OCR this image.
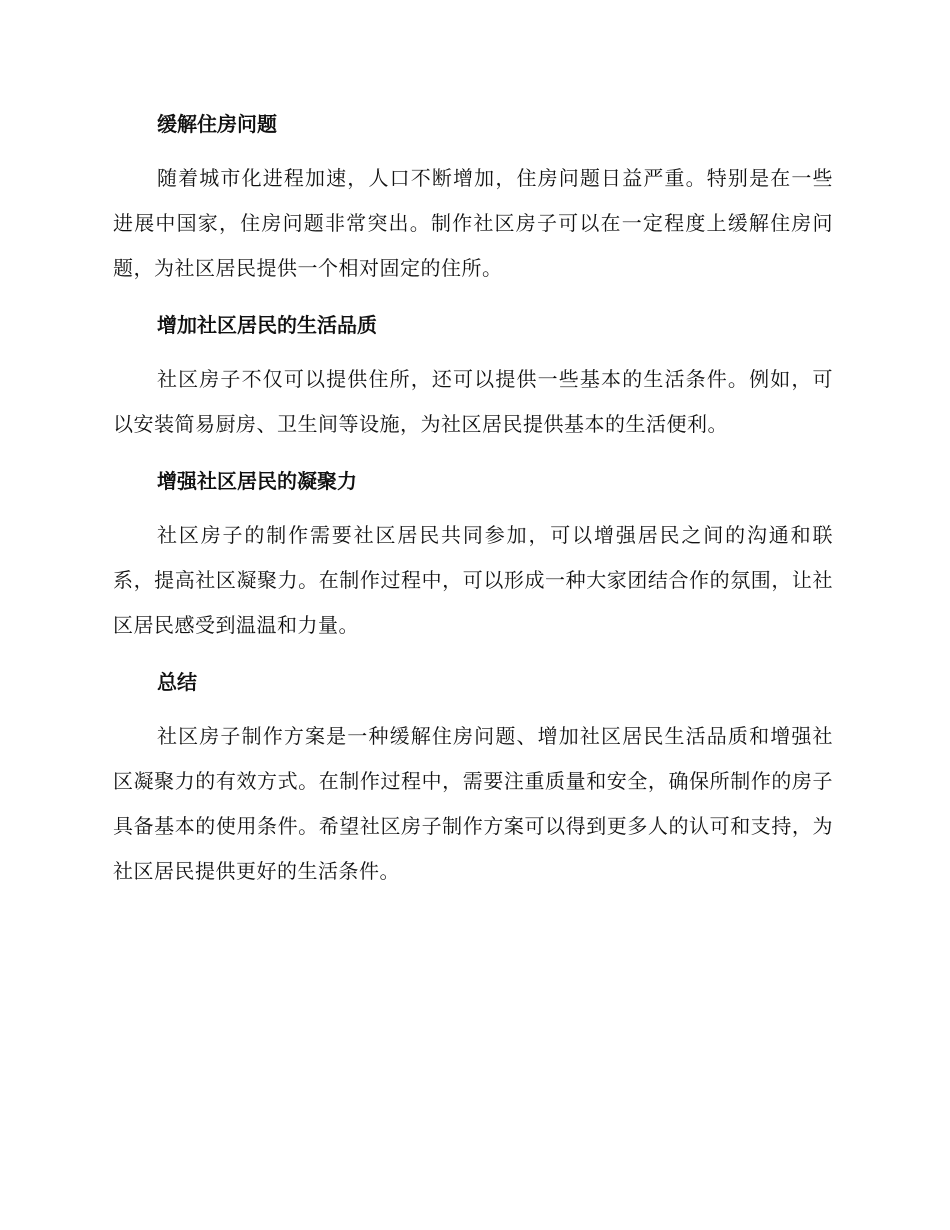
缓解住房问题
随着城市化进程加速，人口不断增加，住房问题日益严重。特别是在一些进展中国家，住房问题非常突出。制作社区房子可以在一定程度上缓解住房问题，为社区居民提供一个相对固定的住所。
增加社区居民的生活品质
社区房子不仅可以提供住所，还可以提供一些基本的生活条件。例如，可以安装简易厨房、卫生间等设施，为社区居民提供基本的生活便利。
增强社区居民的凝聚力
社区房子的制作需要社区居民共同参加，可以增强居民之间的沟通和联系，提高社区凝聚力。在制作过程中，可以形成一种大家团结合作的氛围，让社区居民感受到温温和力量。
总结
社区房子制作方案是一种缓解住房问题、增加社区居民生活品质和增强社区凝聚力的有效方式。在制作过程中，需要注重质量和安全，确保所制作的房子具备基本的使用条件。希望社区房子制作方案可以得到更多人的认可和支持，为社区居民提供更好的生活条件。
